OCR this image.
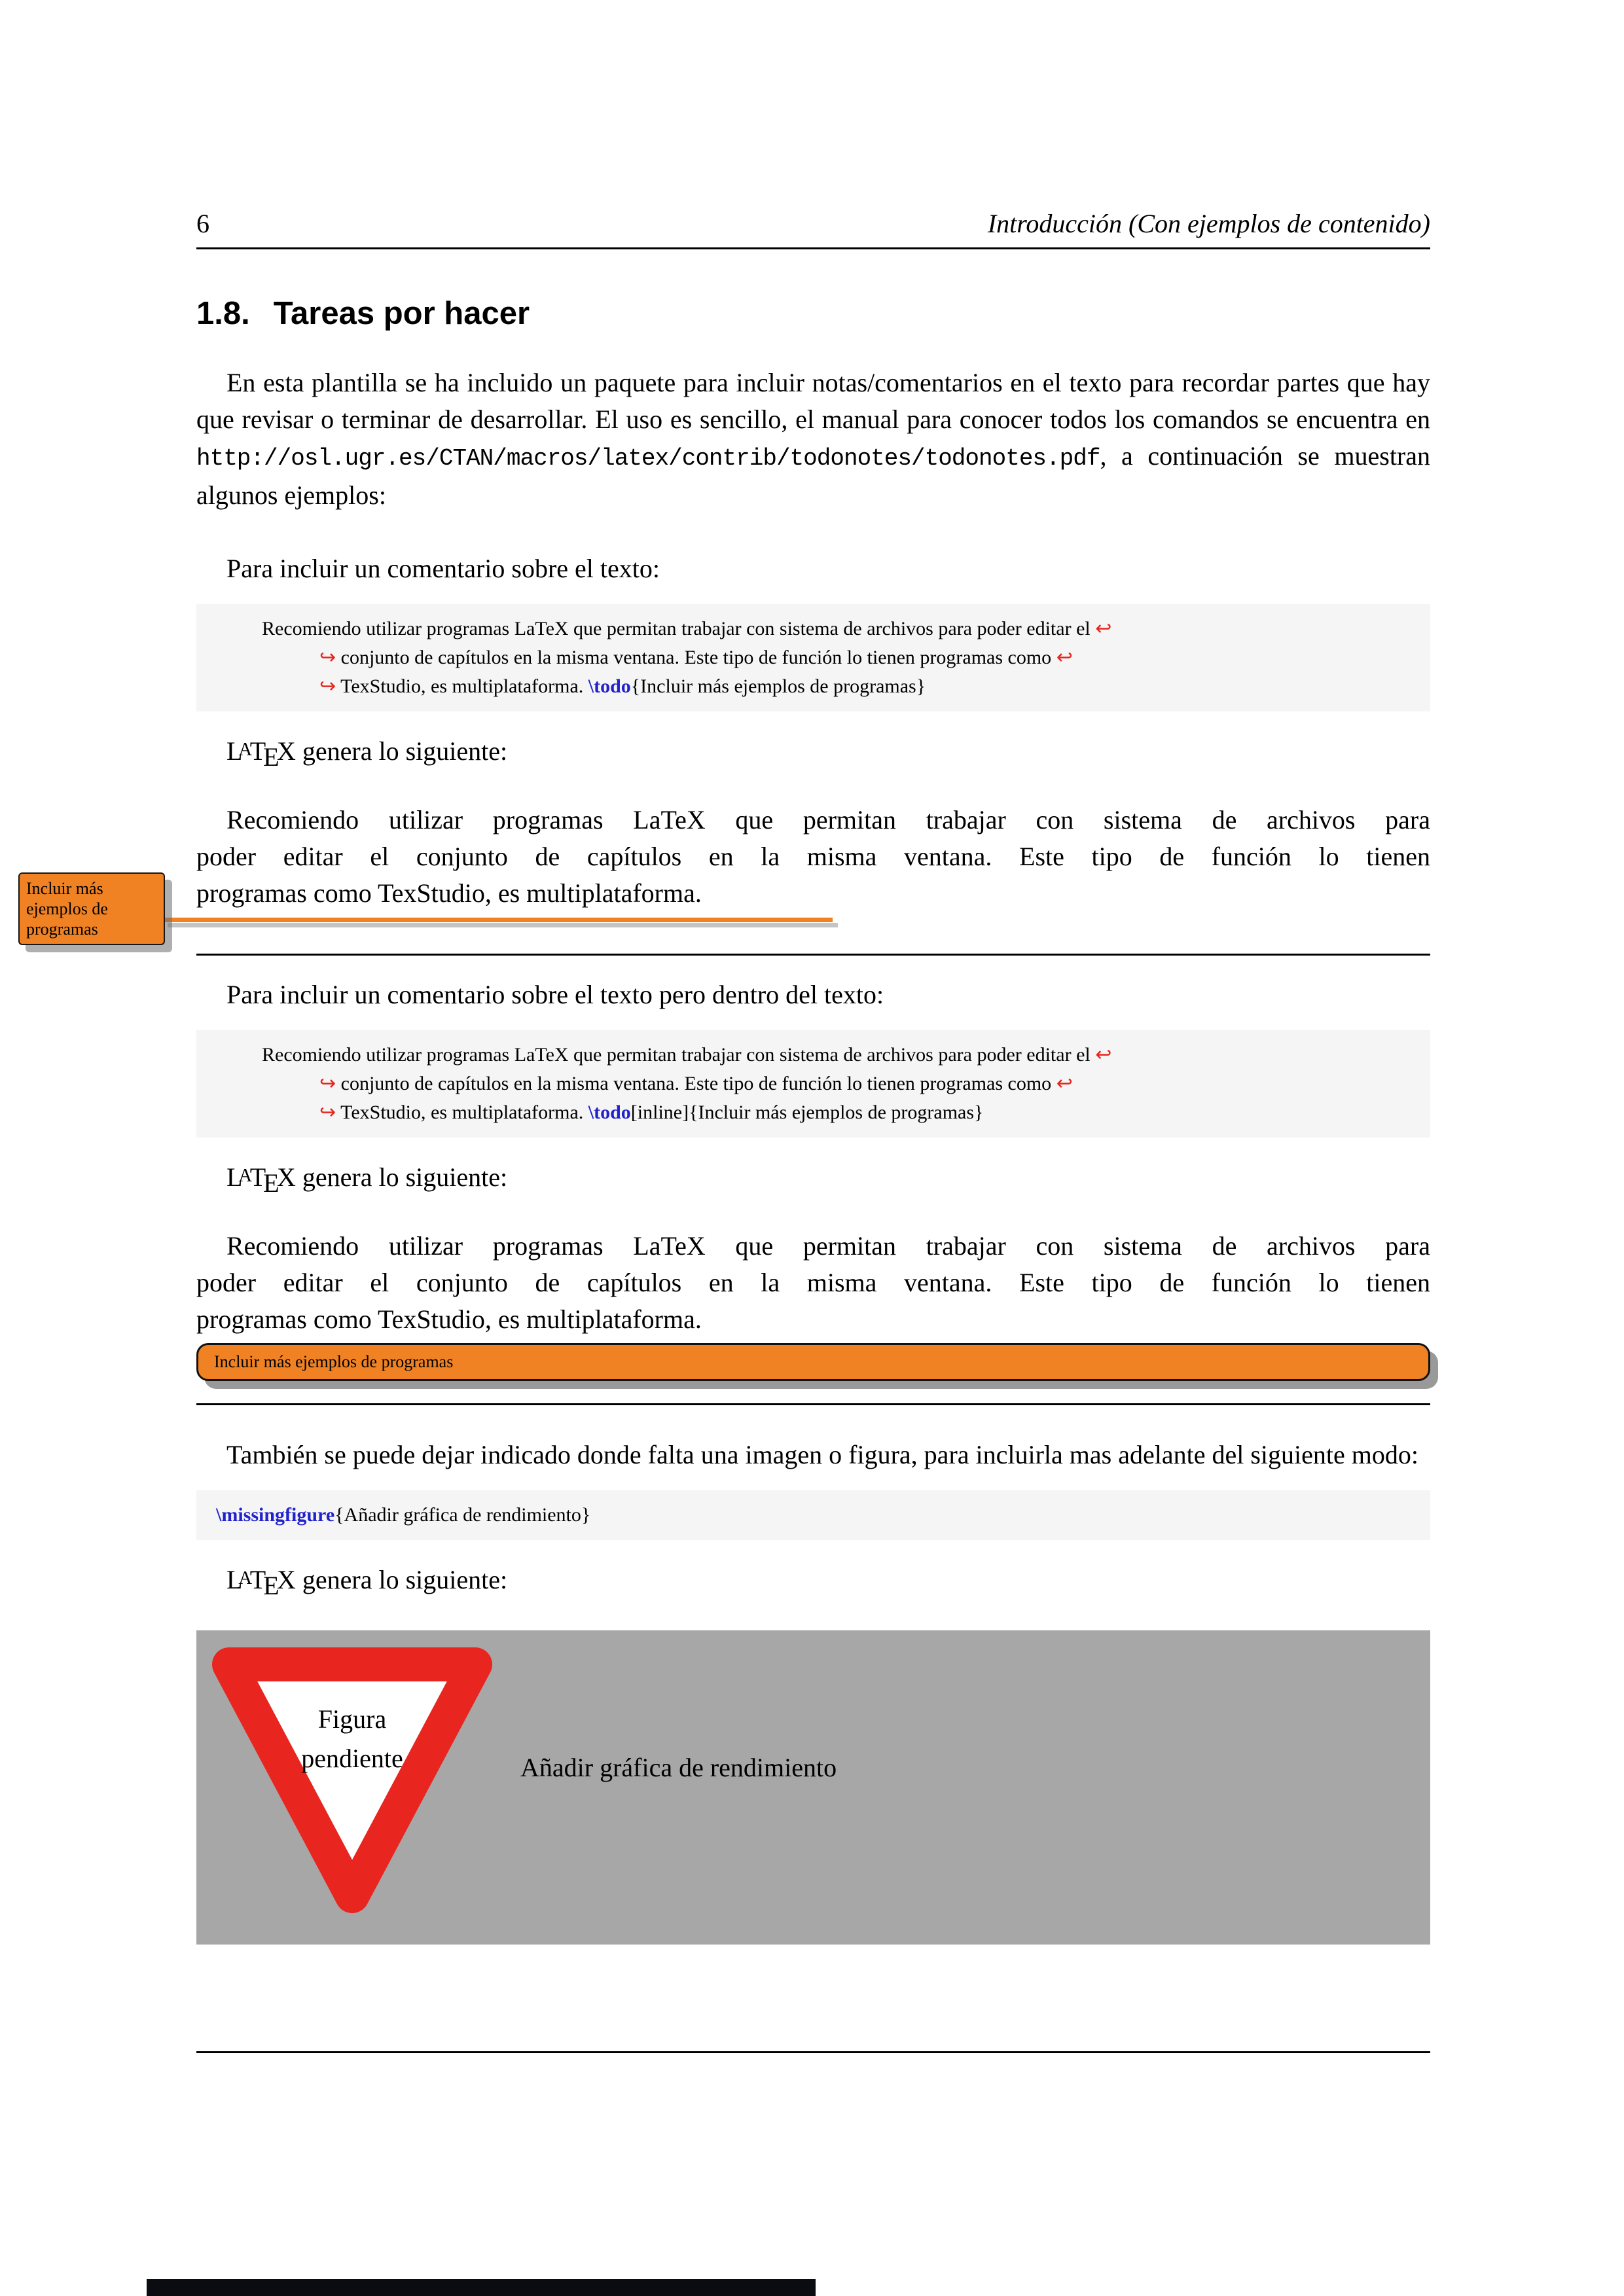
6	Introducción (Con ejemplos de contenido)
1.8. Tareas por hacer

En esta plantilla se ha incluido un paquete para incluir notas/comentarios en el texto para recordar partes que hay que revisar o terminar de desarrollar. El uso es sencillo, el manual para conocer todos los comandos se encuentra en http://osl.ugr.es/CTAN/macros/latex/contrib/todonotes/todonotes.pdf, a continuación se muestran algunos ejemplos:

Para incluir un comentario sobre el texto:

Recomiendo utilizar programas LaTeX que permitan trabajar con sistema de archivos para poder editar el ↩
↪ conjunto de capítulos en la misma ventana. Este tipo de función lo tienen programas como ↩
↪ TexStudio, es multiplataforma. \todo{Incluir más ejemplos de programas}

LATEX genera lo siguiente:

Recomiendo utilizar programas LaTeX que permitan trabajar con sistema de archivos para
poder editar el conjunto de capítulos en la misma ventana. Este tipo de función lo tienen
programas como TexStudio, es multiplataforma.
Incluir más ejemplos de programas

Para incluir un comentario sobre el texto pero dentro del texto:

Recomiendo utilizar programas LaTeX que permitan trabajar con sistema de archivos para poder editar el ↩
↪ conjunto de capítulos en la misma ventana. Este tipo de función lo tienen programas como ↩
↪ TexStudio, es multiplataforma. \todo[inline]{Incluir más ejemplos de programas}

LATEX genera lo siguiente:

Recomiendo utilizar programas LaTeX que permitan trabajar con sistema de archivos para
poder editar el conjunto de capítulos en la misma ventana. Este tipo de función lo tienen
programas como TexStudio, es multiplataforma.
Incluir más ejemplos de programas

También se puede dejar indicado donde falta una imagen o figura, para incluirla mas adelante del siguiente modo:

\missingfigure{Añadir gráfica de rendimiento}

LATEX genera lo siguiente:

Figura
pendiente	Añadir gráfica de rendimiento
